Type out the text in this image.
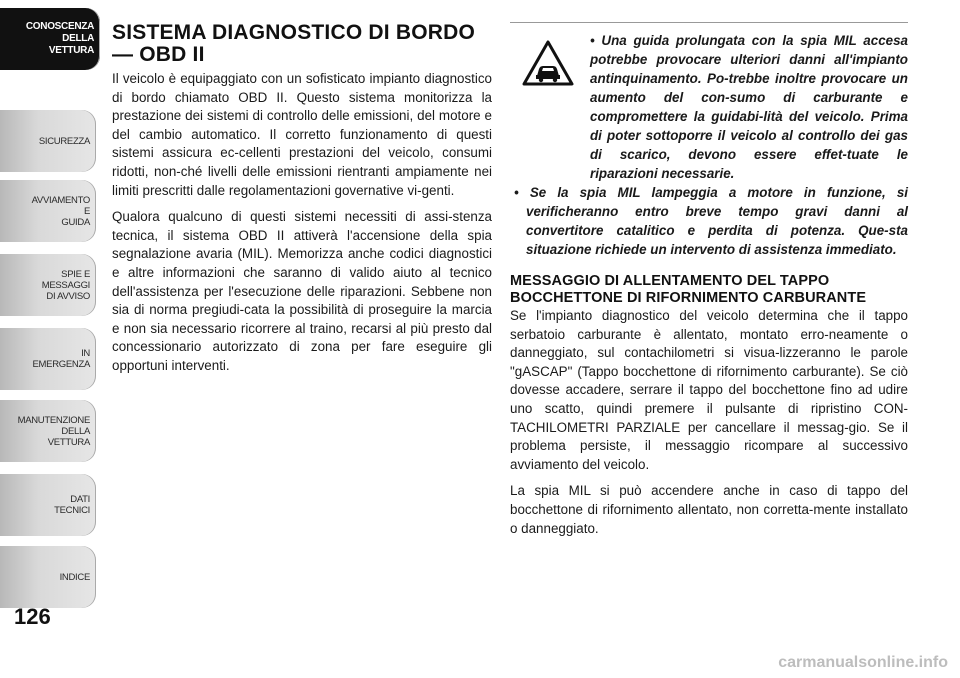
CONOSCENZA
DELLA
VETTURA
SICUREZZA
AVVIAMENTO
E
GUIDA
SPIE E
MESSAGGI
DI AVVISO
IN
EMERGENZA
MANUTENZIONE
DELLA
VETTURA
DATI
TECNICI
INDICE
126
SISTEMA DIAGNOSTICO DI BORDO
— OBD II

Il veicolo è equipaggiato con un sofisticato impianto diagnostico di bordo chiamato OBD II. Questo sistema monitorizza la prestazione dei sistemi di controllo delle emissioni, del motore e del cambio automatico. Il corretto funzionamento di questi sistemi assicura ec-cellenti prestazioni del veicolo, consumi ridotti, non-ché livelli delle emissioni rientranti ampiamente nei limiti prescritti dalle regolamentazioni governative vi-genti.

Qualora qualcuno di questi sistemi necessiti di assi-stenza tecnica, il sistema OBD II attiverà l'accensione della spia segnalazione avaria (MIL). Memorizza anche codici diagnostici e altre informazioni che saranno di valido aiuto al tecnico dell'assistenza per l'esecuzione delle riparazioni. Sebbene non sia di norma pregiudi-cata la possibilità di proseguire la marcia e non sia necessario ricorrere al traino, recarsi al più presto dal concessionario autorizzato di zona per fare eseguire gli opportuni interventi.

• Una guida prolungata con la spia MIL accesa potrebbe provocare ulteriori danni all'impianto antinquinamento. Po-trebbe inoltre provocare un aumento del con-sumo di carburante e compromettere la guidabi-lità del veicolo. Prima di poter sottoporre il veicolo al controllo dei gas di scarico, devono essere effet-tuate le riparazioni necessarie.

• Se la spia MIL lampeggia a motore in funzione, si verificheranno entro breve tempo gravi danni al convertitore catalitico e perdita di potenza. Que-sta situazione richiede un intervento di assistenza immediato.

MESSAGGIO DI ALLENTAMENTO DEL TAPPO BOCCHETTONE DI RIFORNIMENTO CARBURANTE

Se l'impianto diagnostico del veicolo determina che il tappo serbatoio carburante è allentato, montato erro-neamente o danneggiato, sul contachilometri si visua-lizzeranno le parole "gASCAP" (Tappo bocchettone di rifornimento carburante). Se ciò dovesse accadere, serrare il tappo del bocchettone fino ad udire uno scatto, quindi premere il pulsante di ripristino CON-TACHILOMETRI PARZIALE per cancellare il messag-gio. Se il problema persiste, il messaggio ricompare al successivo avviamento del veicolo.

La spia MIL si può accendere anche in caso di tappo del bocchettone di rifornimento allentato, non corretta-mente installato o danneggiato.

carmanualsonline.info
